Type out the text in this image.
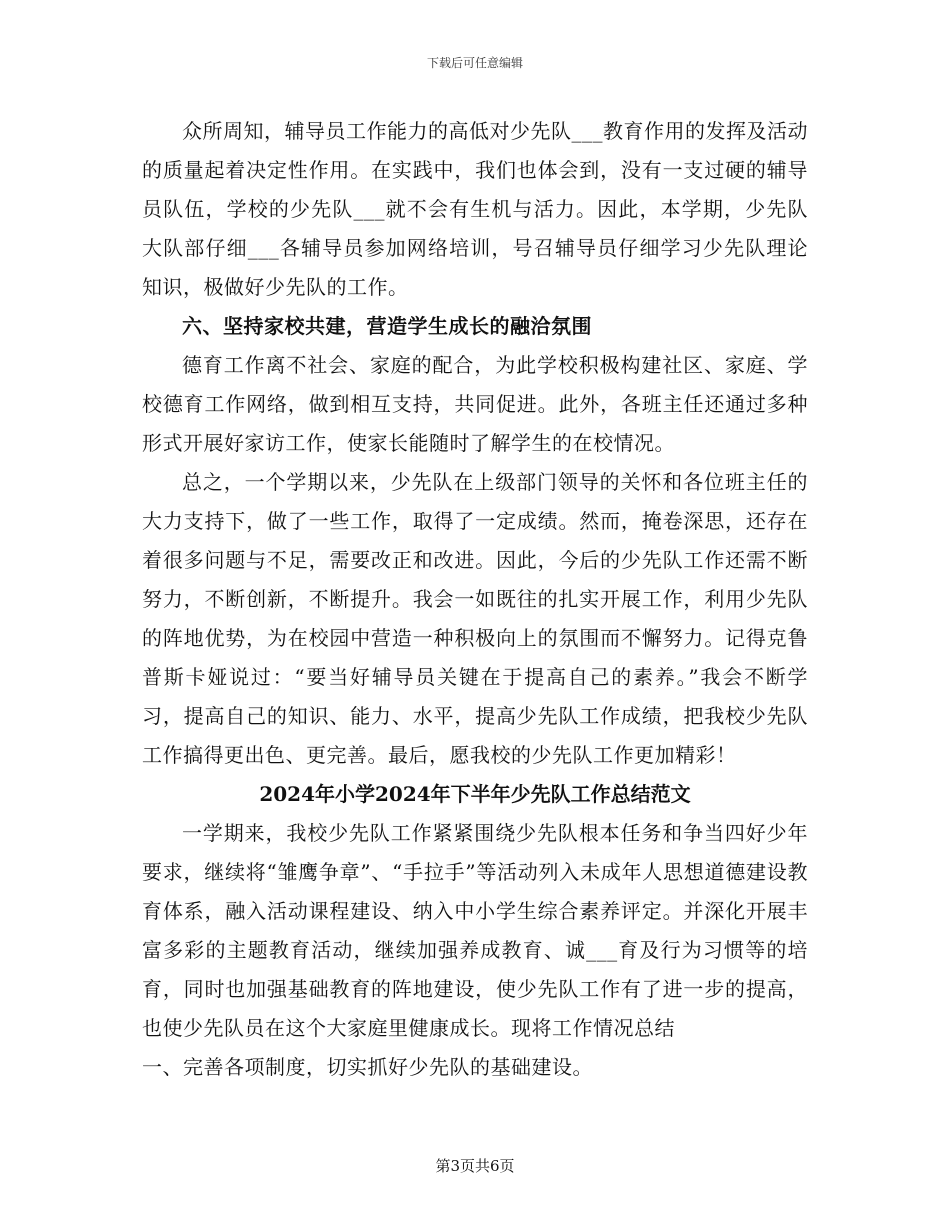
下载后可任意编辑

众所周知，辅导员工作能力的高低对少先队___教育作用的发挥及活动的质量起着决定性作用。在实践中，我们也体会到，没有一支过硬的辅导员队伍，学校的少先队___就不会有生机与活力。因此，本学期，少先队大队部仔细___各辅导员参加网络培训，号召辅导员仔细学习少先队理论知识，极做好少先队的工作。

六、坚持家校共建，营造学生成长的融洽氛围

德育工作离不社会、家庭的配合，为此学校积极构建社区、家庭、学校德育工作网络，做到相互支持，共同促进。此外，各班主任还通过多种形式开展好家访工作，使家长能随时了解学生的在校情况。

总之，一个学期以来，少先队在上级部门领导的关怀和各位班主任的大力支持下，做了一些工作，取得了一定成绩。然而，掩卷深思，还存在着很多问题与不足，需要改正和改进。因此，今后的少先队工作还需不断努力，不断创新，不断提升。我会一如既往的扎实开展工作，利用少先队的阵地优势，为在校园中营造一种积极向上的氛围而不懈努力。记得克鲁普斯卡娅说过：“要当好辅导员关键在于提高自己的素养。”我会不断学习，提高自己的知识、能力、水平，提高少先队工作成绩，把我校少先队工作搞得更出色、更完善。最后，愿我校的少先队工作更加精彩！

2024年小学2024年下半年少先队工作总结范文

一学期来，我校少先队工作紧紧围绕少先队根本任务和争当四好少年要求，继续将“雏鹰争章”、“手拉手”等活动列入未成年人思想道德建设教育体系，融入活动课程建设、纳入中小学生综合素养评定。并深化开展丰富多彩的主题教育活动，继续加强养成教育、诚___育及行为习惯等的培育，同时也加强基础教育的阵地建设，使少先队工作有了进一步的提高，也使少先队员在这个大家庭里健康成长。现将工作情况总结

一、完善各项制度，切实抓好少先队的基础建设。

第3页共6页
